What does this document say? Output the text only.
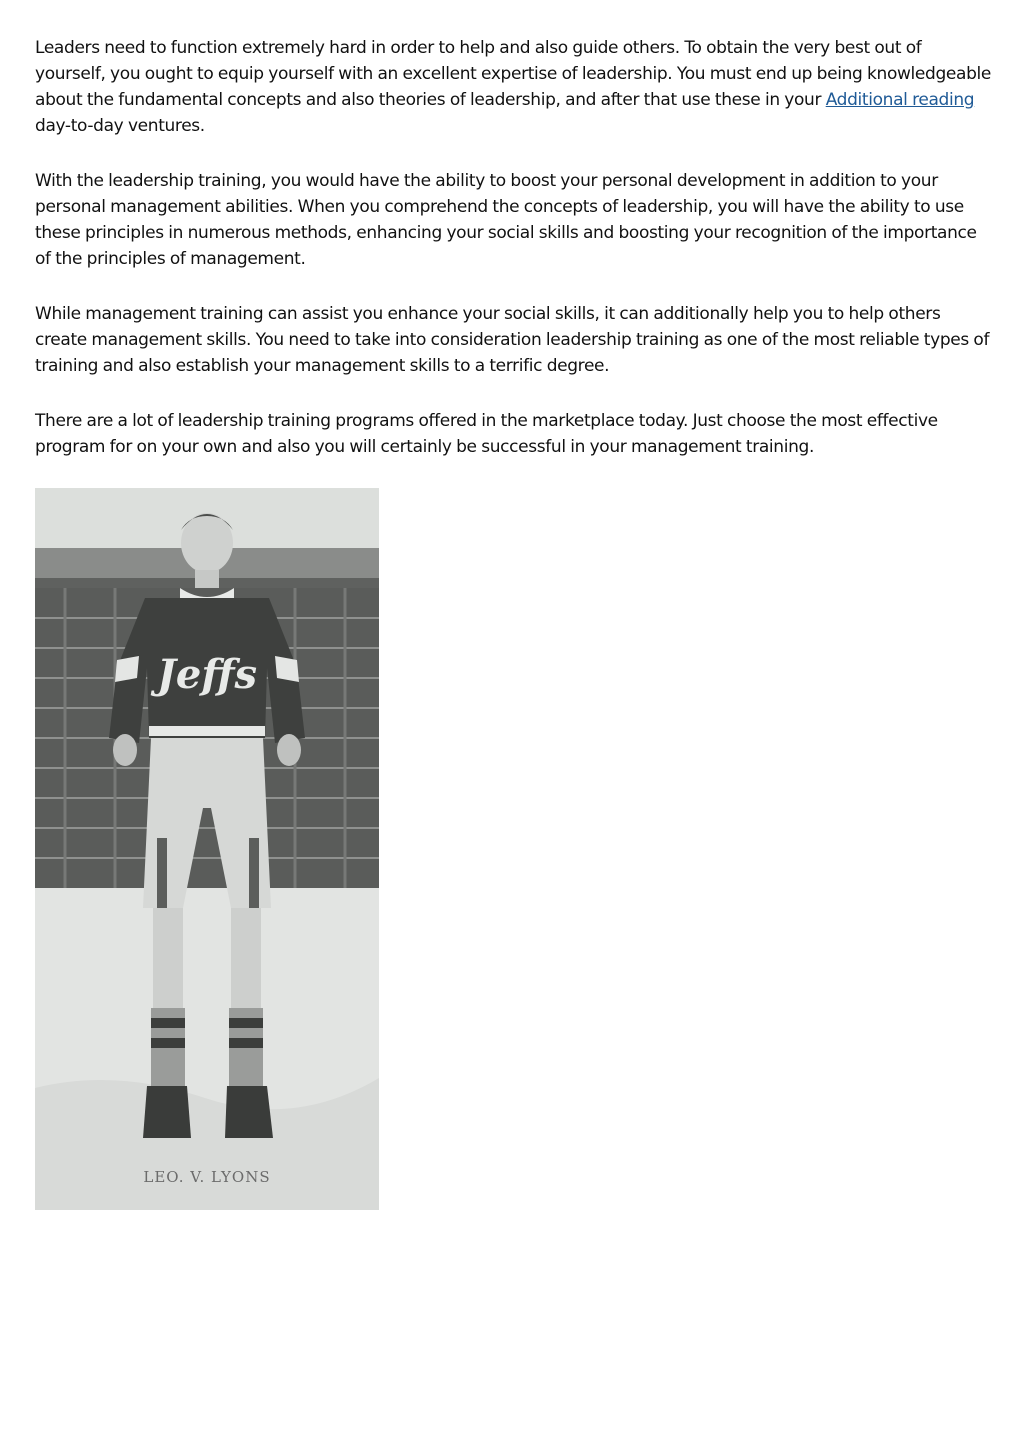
Leaders need to function extremely hard in order to help and also guide others. To obtain the very best out of yourself, you ought to equip yourself with an excellent expertise of leadership. You must end up being knowledgeable about the fundamental concepts and also theories of leadership, and after that use these in your Additional reading day-to-day ventures.

With the leadership training, you would have the ability to boost your personal development in addition to your personal management abilities. When you comprehend the concepts of leadership, you will have the ability to use these principles in numerous methods, enhancing your social skills and boosting your recognition of the importance of the principles of management.

While management training can assist you enhance your social skills, it can additionally help you to help others create management skills. You need to take into consideration leadership training as one of the most reliable types of training and also establish your management skills to a terrific degree.

There are a lot of leadership training programs offered in the marketplace today. Just choose the most effective program for on your own and also you will certainly be successful in your management training.

Jeffs
LEO. V. LYONS
